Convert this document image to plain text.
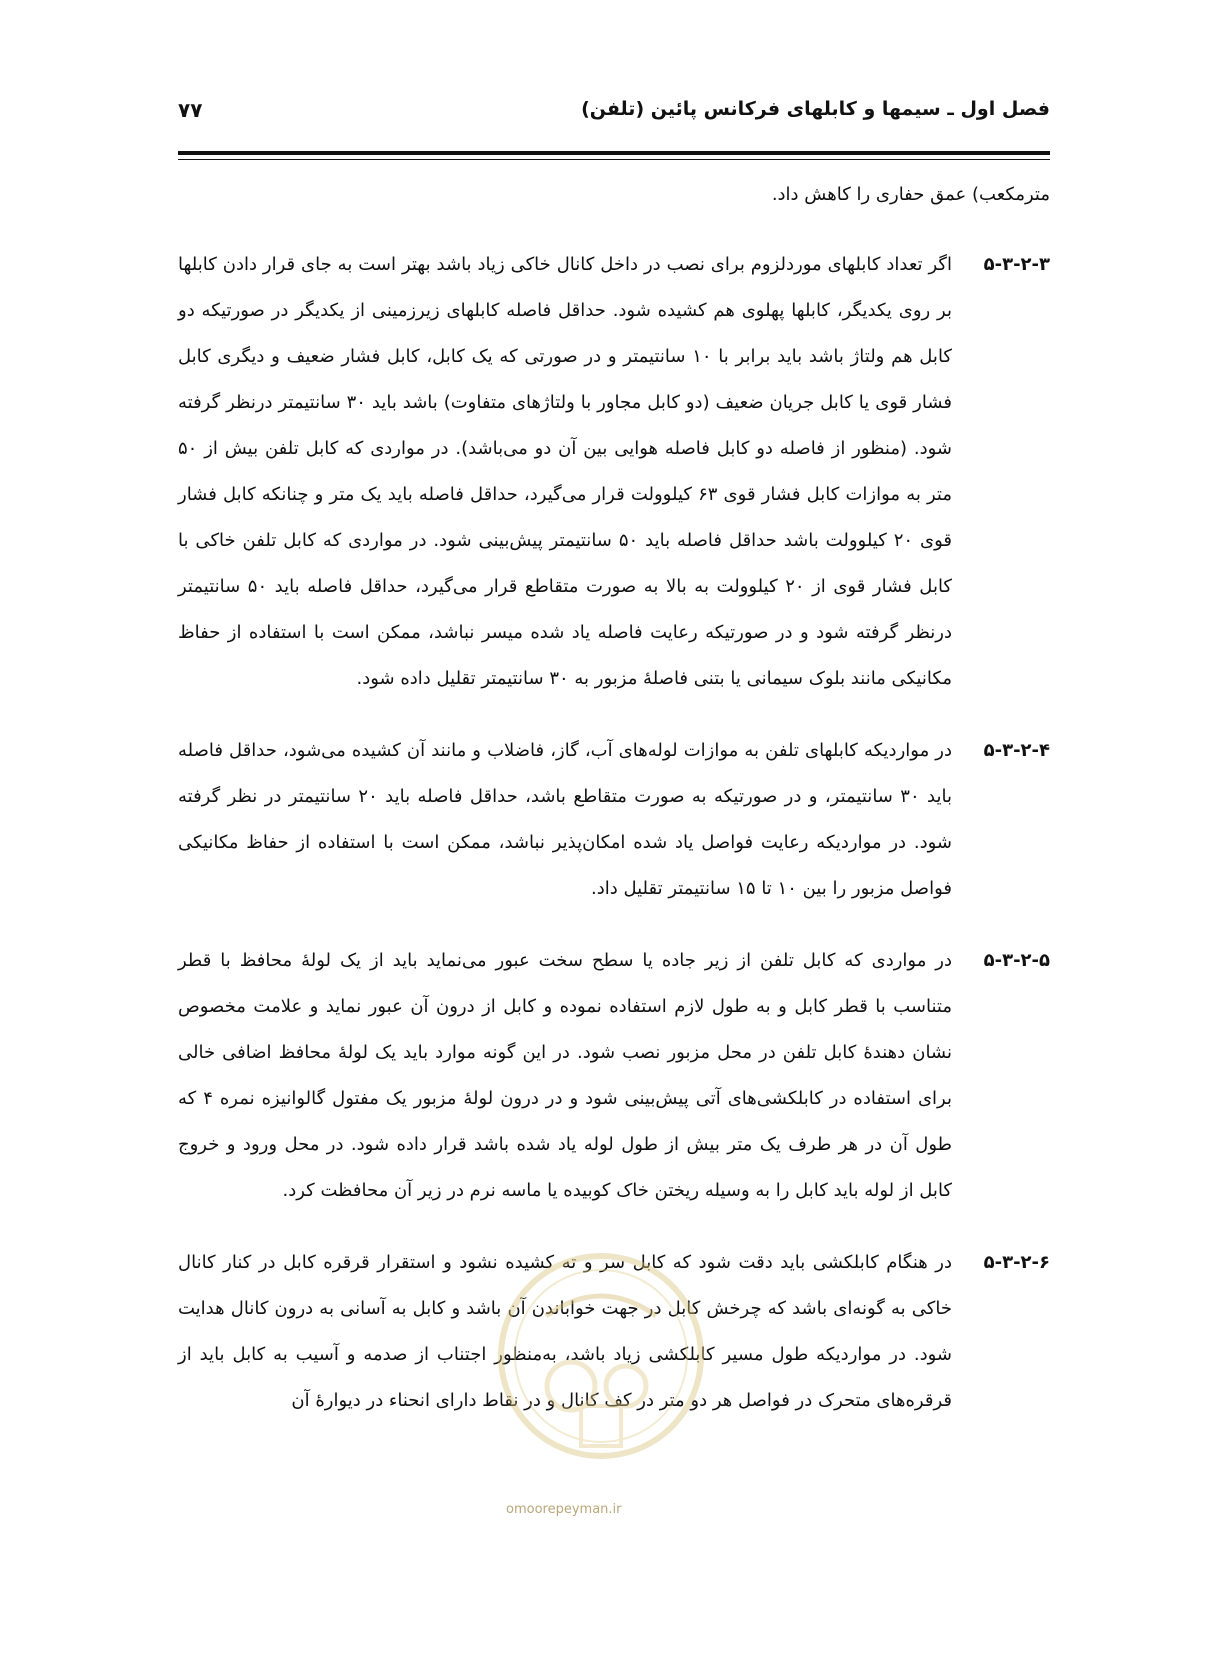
فصل اول ـ سیمها و کابلهای فرکانس پائین (تلفن)
۷۷

مترمکعب) عمق حفاری را کاهش داد.

۵-۳-۲-۳

اگر تعداد کابلهای موردلزوم برای نصب در داخل کانال خاکی زیاد باشد بهتر است به جای قرار دادن کابلها بر روی یکدیگر، کابلها پهلوی هم کشیده شود. حداقل فاصله کابلهای زیرزمینی از یکدیگر در صورتیکه دو کابل هم ولتاژ باشد باید برابر با ۱۰ سانتیمتر و در صورتی که یک کابل، کابل فشار ضعیف و دیگری کابل فشار قوی یا کابل جریان ضعیف (دو کابل مجاور با ولتاژهای متفاوت) باشد باید ۳۰ سانتیمتر درنظر گرفته شود. (منظور از فاصله دو کابل فاصله هوایی بین آن دو می‌باشد). در مواردی که کابل تلفن بیش از ۵۰ متر به موازات کابل فشار قوی ۶۳ کیلوولت قرار می‌گیرد، حداقل فاصله باید یک متر و چنانکه کابل فشار قوی ۲۰ کیلوولت باشد حداقل فاصله باید ۵۰ سانتیمتر پیش‌بینی شود. در مواردی که کابل تلفن خاکی با کابل فشار قوی از ۲۰ کیلوولت به بالا به صورت متقاطع قرار می‌گیرد، حداقل فاصله باید ۵۰ سانتیمتر درنظر گرفته شود و در صورتیکه رعایت فاصله یاد شده میسر نباشد، ممکن است با استفاده از حفاظ مکانیکی مانند بلوک سیمانی یا بتنی فاصلهٔ مزبور به ۳۰ سانتیمتر تقلیل داده شود.

۵-۳-۲-۴

در مواردیکه کابلهای تلفن به موازات لوله‌های آب، گاز، فاضلاب و مانند آن کشیده می‌شود، حداقل فاصله باید ۳۰ سانتیمتر، و در صورتیکه به صورت متقاطع باشد، حداقل فاصله باید ۲۰ سانتیمتر در نظر گرفته شود. در مواردیکه رعایت فواصل یاد شده امکان‌پذیر نباشد، ممکن است با استفاده از حفاظ مکانیکی فواصل مزبور را بین ۱۰ تا ۱۵ سانتیمتر تقلیل داد.

۵-۳-۲-۵

در مواردی که کابل تلفن از زیر جاده یا سطح سخت عبور می‌نماید باید از یک لولهٔ محافظ با قطر متناسب با قطر کابل و به طول لازم استفاده نموده و کابل از درون آن عبور نماید و علامت مخصوص نشان دهندهٔ کابل تلفن در محل مزبور نصب شود. در این گونه موارد باید یک لولهٔ محافظ اضافی خالی برای استفاده در کابلکشی‌های آتی پیش‌بینی شود و در درون لولهٔ مزبور یک مفتول گالوانیزه نمره ۴ که طول آن در هر طرف یک متر بیش از طول لوله یاد شده باشد قرار داده شود. در محل ورود و خروج کابل از لوله باید کابل را به وسیله ریختن خاک کوبیده یا ماسه نرم در زیر آن محافظت کرد.

۵-۳-۲-۶

در هنگام کابلکشی باید دقت شود که کابل سر و ته کشیده نشود و استقرار قرقره کابل در کنار کانال خاکی به گونه‌ای باشد که چرخش کابل در جهت خواباندن آن باشد و کابل به آسانی به درون کانال هدایت شود. در مواردیکه طول مسیر کابلکشی زیاد باشد، به‌منظور اجتناب از صدمه و آسیب به کابل باید از قرقره‌های متحرک در فواصل هر دو متر در کف کانال و در نقاط دارای انحناء در دیوارهٔ آن

omoorepeyman.ir
